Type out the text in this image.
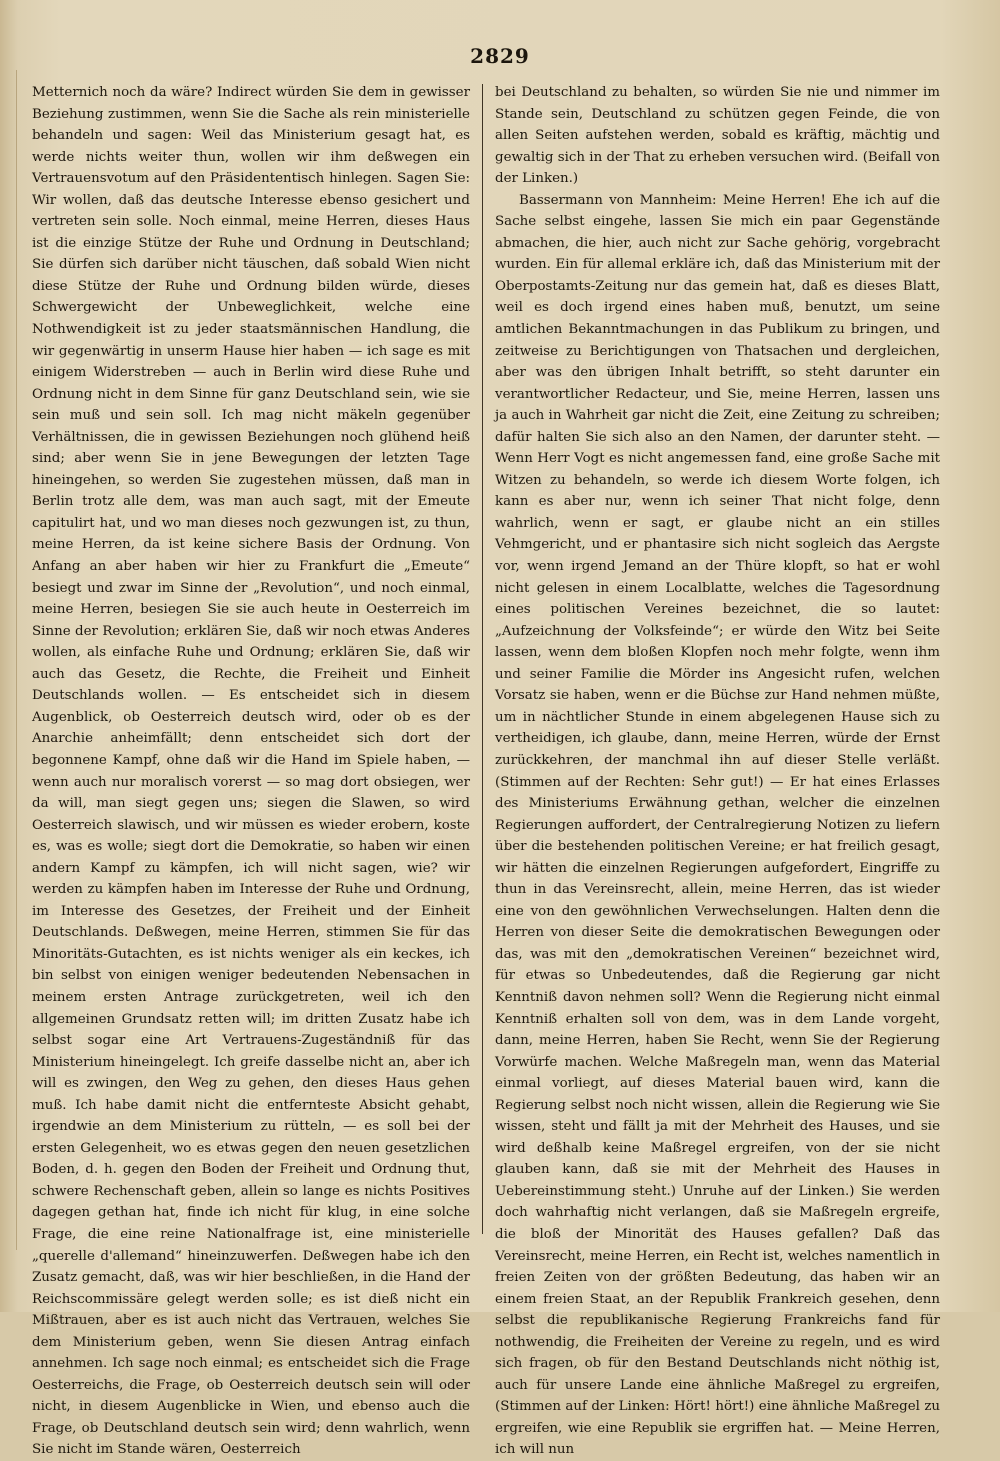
2829

Metternich noch da wäre? Indirect würden Sie dem in gewisser Beziehung zustimmen, wenn Sie die Sache als rein ministerielle behandeln und sagen: Weil das Ministerium gesagt hat, es werde nichts weiter thun, wollen wir ihm deßwegen ein Vertrauensvotum auf den Präsidententisch hinlegen. Sagen Sie: Wir wollen, daß das deutsche Interesse ebenso gesichert und vertreten sein solle. Noch einmal, meine Herren, dieses Haus ist die einzige Stütze der Ruhe und Ordnung in Deutschland; Sie dürfen sich darüber nicht täuschen, daß sobald Wien nicht diese Stütze der Ruhe und Ordnung bilden würde, dieses Schwergewicht der Unbeweglichkeit, welche eine Nothwendigkeit ist zu jeder staatsmännischen Handlung, die wir gegenwärtig in unserm Hause hier haben — ich sage es mit einigem Widerstreben — auch in Berlin wird diese Ruhe und Ordnung nicht in dem Sinne für ganz Deutschland sein, wie sie sein muß und sein soll. Ich mag nicht mäkeln gegenüber Verhältnissen, die in gewissen Beziehungen noch glühend heiß sind; aber wenn Sie in jene Bewegungen der letzten Tage hineingehen, so werden Sie zugestehen müssen, daß man in Berlin trotz alle dem, was man auch sagt, mit der Emeute capitulirt hat, und wo man dieses noch gezwungen ist, zu thun, meine Herren, da ist keine sichere Basis der Ordnung. Von Anfang an aber haben wir hier zu Frankfurt die „Emeute“ besiegt und zwar im Sinne der „Revolution“, und noch einmal, meine Herren, besiegen Sie sie auch heute in Oesterreich im Sinne der Revolution; erklären Sie, daß wir noch etwas Anderes wollen, als einfache Ruhe und Ordnung; erklären Sie, daß wir auch das Gesetz, die Rechte, die Freiheit und Einheit Deutschlands wollen. — Es entscheidet sich in diesem Augenblick, ob Oesterreich deutsch wird, oder ob es der Anarchie anheimfällt; denn entscheidet sich dort der begonnene Kampf, ohne daß wir die Hand im Spiele haben, — wenn auch nur moralisch vorerst — so mag dort obsiegen, wer da will, man siegt gegen uns; siegen die Slawen, so wird Oesterreich slawisch, und wir müssen es wieder erobern, koste es, was es wolle; siegt dort die Demokratie, so haben wir einen andern Kampf zu kämpfen, ich will nicht sagen, wie? wir werden zu kämpfen haben im Interesse der Ruhe und Ordnung, im Interesse des Gesetzes, der Freiheit und der Einheit Deutschlands. Deßwegen, meine Herren, stimmen Sie für das Minoritäts-Gutachten, es ist nichts weniger als ein keckes, ich bin selbst von einigen weniger bedeutenden Nebensachen in meinem ersten Antrage zurückgetreten, weil ich den allgemeinen Grundsatz retten will; im dritten Zusatz habe ich selbst sogar eine Art Vertrauens-Zugeständniß für das Ministerium hineingelegt. Ich greife dasselbe nicht an, aber ich will es zwingen, den Weg zu gehen, den dieses Haus gehen muß. Ich habe damit nicht die entfernteste Absicht gehabt, irgendwie an dem Ministerium zu rütteln, — es soll bei der ersten Gelegenheit, wo es etwas gegen den neuen gesetzlichen Boden, d. h. gegen den Boden der Freiheit und Ordnung thut, schwere Rechenschaft geben, allein so lange es nichts Positives dagegen gethan hat, finde ich nicht für klug, in eine solche Frage, die eine reine Nationalfrage ist, eine ministerielle „querelle d'allemand“ hineinzuwerfen. Deßwegen habe ich den Zusatz gemacht, daß, was wir hier beschließen, in die Hand der Reichscommissäre gelegt werden solle; es ist dieß nicht ein Mißtrauen, aber es ist auch nicht das Vertrauen, welches Sie dem Ministerium geben, wenn Sie diesen Antrag einfach annehmen. Ich sage noch einmal; es entscheidet sich die Frage Oesterreichs, die Frage, ob Oesterreich deutsch sein will oder nicht, in diesem Augenblicke in Wien, und ebenso auch die Frage, ob Deutschland deutsch sein wird; denn wahrlich, wenn Sie nicht im Stande wären, Oesterreich

bei Deutschland zu behalten, so würden Sie nie und nimmer im Stande sein, Deutschland zu schützen gegen Feinde, die von allen Seiten aufstehen werden, sobald es kräftig, mächtig und gewaltig sich in der That zu erheben versuchen wird. (Beifall von der Linken.)

Bassermann von Mannheim: Meine Herren! Ehe ich auf die Sache selbst eingehe, lassen Sie mich ein paar Gegenstände abmachen, die hier, auch nicht zur Sache gehörig, vorgebracht wurden. Ein für allemal erkläre ich, daß das Ministerium mit der Oberpostamts-Zeitung nur das gemein hat, daß es dieses Blatt, weil es doch irgend eines haben muß, benutzt, um seine amtlichen Bekanntmachungen in das Publikum zu bringen, und zeitweise zu Berichtigungen von Thatsachen und dergleichen, aber was den übrigen Inhalt betrifft, so steht darunter ein verantwortlicher Redacteur, und Sie, meine Herren, lassen uns ja auch in Wahrheit gar nicht die Zeit, eine Zeitung zu schreiben; dafür halten Sie sich also an den Namen, der darunter steht. — Wenn Herr Vogt es nicht angemessen fand, eine große Sache mit Witzen zu behandeln, so werde ich diesem Worte folgen, ich kann es aber nur, wenn ich seiner That nicht folge, denn wahrlich, wenn er sagt, er glaube nicht an ein stilles Vehmgericht, und er phantasire sich nicht sogleich das Aergste vor, wenn irgend Jemand an der Thüre klopft, so hat er wohl nicht gelesen in einem Localblatte, welches die Tagesordnung eines politischen Vereines bezeichnet, die so lautet: „Aufzeichnung der Volksfeinde“; er würde den Witz bei Seite lassen, wenn dem bloßen Klopfen noch mehr folgte, wenn ihm und seiner Familie die Mörder ins Angesicht rufen, welchen Vorsatz sie haben, wenn er die Büchse zur Hand nehmen müßte, um in nächtlicher Stunde in einem abgelegenen Hause sich zu vertheidigen, ich glaube, dann, meine Herren, würde der Ernst zurückkehren, der manchmal ihn auf dieser Stelle verläßt. (Stimmen auf der Rechten: Sehr gut!) — Er hat eines Erlasses des Ministeriums Erwähnung gethan, welcher die einzelnen Regierungen auffordert, der Centralregierung Notizen zu liefern über die bestehenden politischen Vereine; er hat freilich gesagt, wir hätten die einzelnen Regierungen aufgefordert, Eingriffe zu thun in das Vereinsrecht, allein, meine Herren, das ist wieder eine von den gewöhnlichen Verwechselungen. Halten denn die Herren von dieser Seite die demokratischen Bewegungen oder das, was mit den „demokratischen Vereinen“ bezeichnet wird, für etwas so Unbedeutendes, daß die Regierung gar nicht Kenntniß davon nehmen soll? Wenn die Regierung nicht einmal Kenntniß erhalten soll von dem, was in dem Lande vorgeht, dann, meine Herren, haben Sie Recht, wenn Sie der Regierung Vorwürfe machen. Welche Maßregeln man, wenn das Material einmal vorliegt, auf dieses Material bauen wird, kann die Regierung selbst noch nicht wissen, allein die Regierung wie Sie wissen, steht und fällt ja mit der Mehrheit des Hauses, und sie wird deßhalb keine Maßregel ergreifen, von der sie nicht glauben kann, daß sie mit der Mehrheit des Hauses in Uebereinstimmung steht.) Unruhe auf der Linken.) Sie werden doch wahrhaftig nicht verlangen, daß sie Maßregeln ergreife, die bloß der Minorität des Hauses gefallen? Daß das Vereinsrecht, meine Herren, ein Recht ist, welches namentlich in freien Zeiten von der größten Bedeutung, das haben wir an einem freien Staat, an der Republik Frankreich gesehen, denn selbst die republikanische Regierung Frankreichs fand für nothwendig, die Freiheiten der Vereine zu regeln, und es wird sich fragen, ob für den Bestand Deutschlands nicht nöthig ist, auch für unsere Lande eine ähnliche Maßregel zu ergreifen, (Stimmen auf der Linken: Hört! hört!) eine ähnliche Maßregel zu ergreifen, wie eine Republik sie ergriffen hat. — Meine Herren, ich will nun
